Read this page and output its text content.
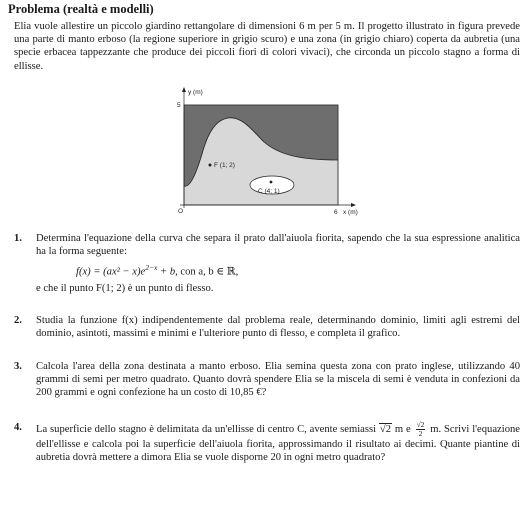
Problema (realtà e modelli)
Elia vuole allestire un piccolo giardino rettangolare di dimensioni 6 m per 5 m. Il progetto illustrato in figura prevede una parte di manto erboso (la regione superiore in grigio scuro) e una zona (in grigio chiaro) coperta da aubretia (una specie erbacea tappezzante che produce dei piccoli fiori di colori vivaci), che circonda un piccolo stagno a forma di ellisse.
y (m)
5
O	6 x (m)
F (1; 2)
C (4; 1)
1. Determina l'equazione della curva che separa il prato dall'aiuola fiorita, sapendo che la sua espressione analitica ha la forma seguente:
$f(x) = (ax^2 - x)e^{2-x} + b$, con a, b ∈ ℝ,
e che il punto F(1; 2) è un punto di flesso.
2. Studia la funzione f(x) indipendentemente dal problema reale, determinando dominio, limiti agli estremi del dominio, asintoti, massimi e minimi e l'ulteriore punto di flesso, e completa il grafico.
3. Calcola l'area della zona destinata a manto erboso. Elia semina questa zona con prato inglese, utilizzando 40 grammi di semi per metro quadrato. Quanto dovrà spendere Elia se la miscela di semi è venduta in confezioni da 200 grammi e ogni confezione ha un costo di 10,85 €?
4. La superficie dello stagno è delimitata da un'ellisse di centro C, avente semiassi √2 m e $\frac{√2}{2} m$. Scrivi l'equazione dell'ellisse e calcola poi la superficie dell'aiuola fiorita, approssimando il risultato ai decimi. Quante piantine di aubretia dovrà mettere a dimora Elia se vuole disporne 20 in ogni metro quadrato?
